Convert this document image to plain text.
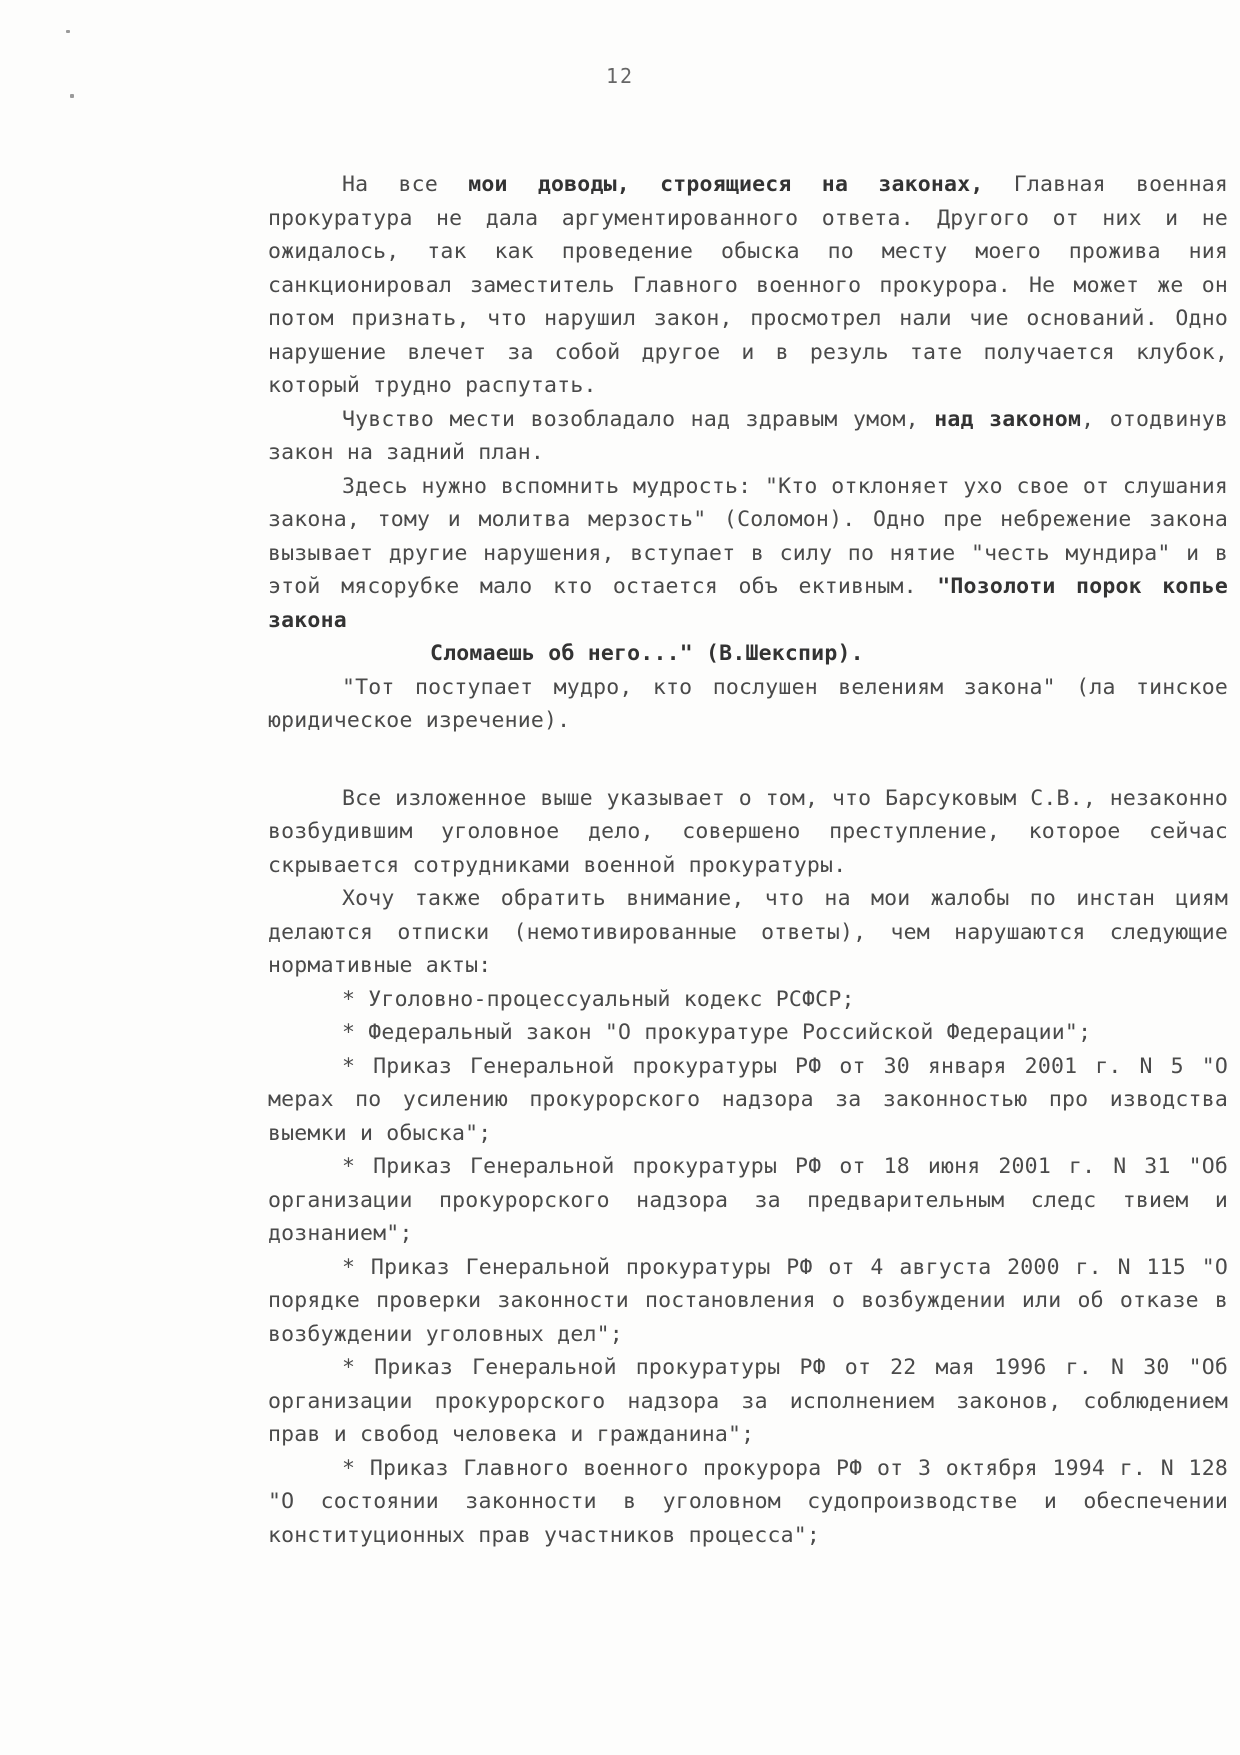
12

На все мои доводы, строящиеся на законах, Главная военная прокуратура не дала аргументированного ответа. Другого от них и не ожидалось, так как проведение обыска по месту моего прожива ния санкционировал заместитель Главного военного прокурора. Не может же он потом признать, что нарушил закон, просмотрел нали чие оснований. Одно нарушение влечет за собой другое и в резуль тате получается клубок, который трудно распутать.

Чувство мести возобладало над здравым умом, над законом, отодвинув закон на задний план.

Здесь нужно вспомнить мудрость: "Кто отклоняет ухо свое от слушания закона, тому и молитва мерзость" (Соломон). Одно пре небрежение закона вызывает другие нарушения, вступает в силу по нятие "честь мундира" и в этой мясорубке мало кто остается объ ективным. "Позолоти порок копье закона

Сломаешь об него..." (В.Шекспир).

"Тот поступает мудро, кто послушен велениям закона" (ла тинское юридическое изречение).

Все изложенное выше указывает о том, что Барсуковым С.В., незаконно возбудившим уголовное дело, совершено преступление, которое сейчас скрывается сотрудниками военной прокуратуры.

Хочу также обратить внимание, что на мои жалобы по инстан циям делаются отписки (немотивированные ответы), чем нарушаются следующие нормативные акты:

* Уголовно-процессуальный кодекс РСФСР;

* Федеральный закон "О прокуратуре Российской Федерации";

* Приказ Генеральной прокуратуры РФ от 30 января 2001 г. N 5 "О мерах по усилению прокурорского надзора за законностью про изводства выемки и обыска";

* Приказ Генеральной прокуратуры РФ от 18 июня 2001 г. N 31 "Об организации прокурорского надзора за предварительным следс твием и дознанием";

* Приказ Генеральной прокуратуры РФ от 4 августа 2000 г. N 115 "О порядке проверки законности постановления о возбуждении или об отказе в возбуждении уголовных дел";

* Приказ Генеральной прокуратуры РФ от 22 мая 1996 г. N 30 "Об организации прокурорского надзора за исполнением законов, соблюдением прав и свобод человека и гражданина";

* Приказ Главного военного прокурора РФ от 3 октября 1994 г. N 128 "О состоянии законности в уголовном судопроизводстве и обеспечении конституционных прав участников процесса";
